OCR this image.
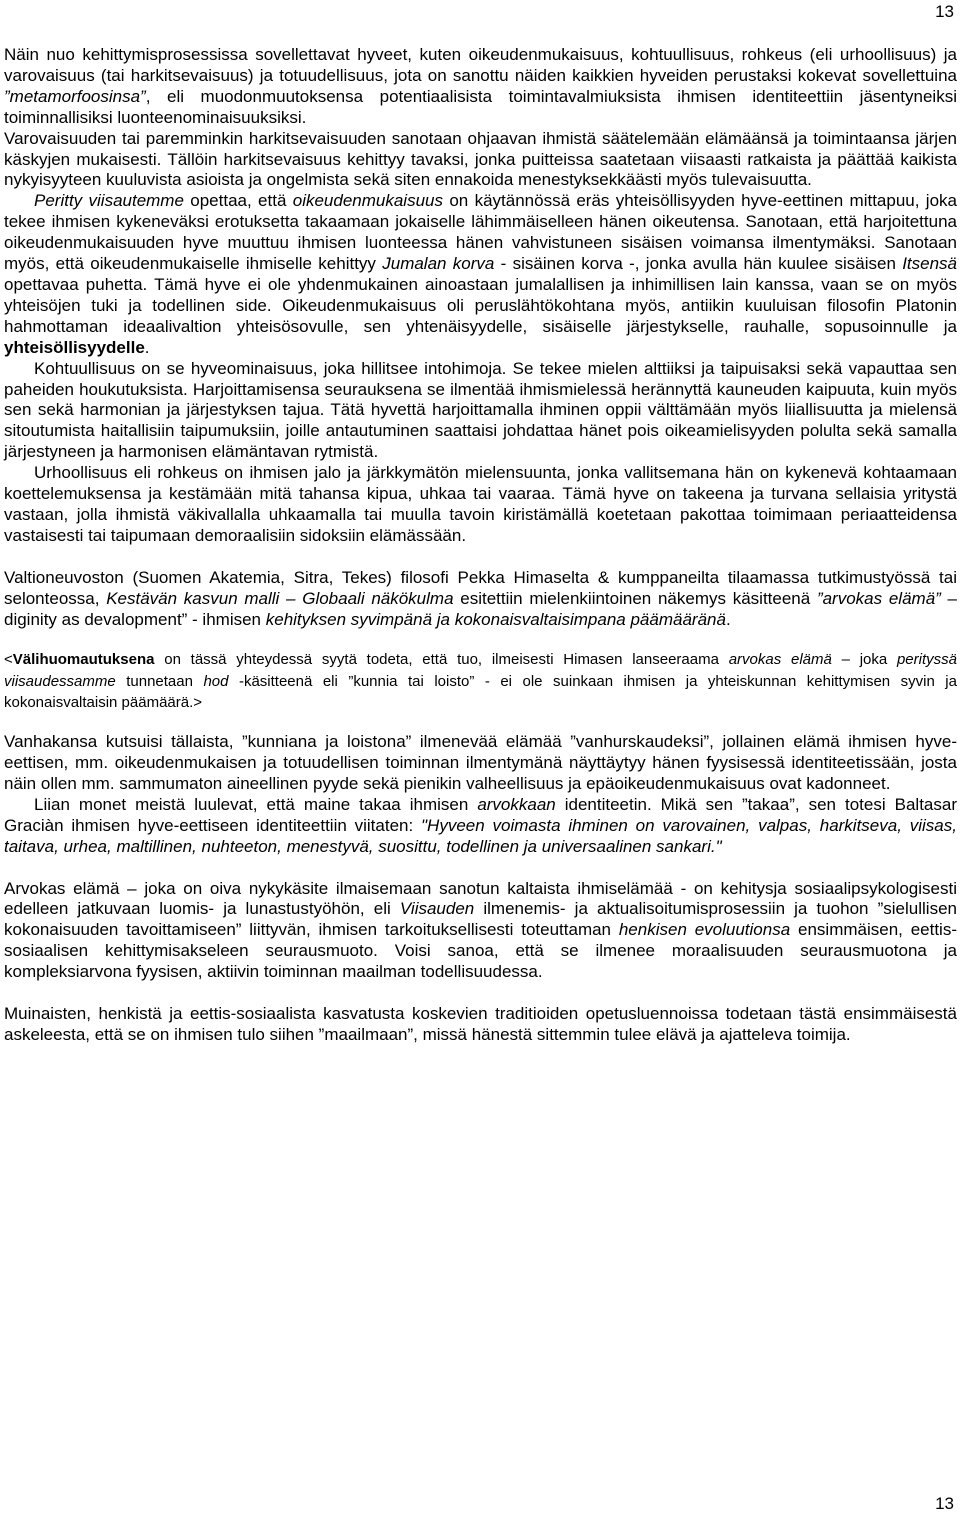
13

Näin nuo kehittymisprosessissa sovellettavat hyveet, kuten oikeudenmukaisuus, kohtuullisuus, rohkeus (eli urhoollisuus) ja varovaisuus (tai harkitsevaisuus) ja totuudellisuus, jota on sanottu näiden kaikkien hyveiden perustaksi kokevat sovellettuina ”metamorfoosinsa”, eli muodonmuutoksensa potentiaalisista toimintavalmiuksista ihmisen identiteettiin jäsentyneiksi toiminnallisiksi luonteenominaisuuksiksi.

Varovaisuuden tai paremminkin harkitsevaisuuden sanotaan ohjaavan ihmistä säätelemään elämäänsä ja toimintaansa järjen käskyjen mukaisesti. Tällöin harkitsevaisuus kehittyy tavaksi, jonka puitteissa saatetaan viisaasti ratkaista ja päättää kaikista nykyisyyteen kuuluvista asioista ja ongelmista sekä siten ennakoida menestyksekkäästi myös tulevaisuutta.

Peritty viisautemme opettaa, että oikeudenmukaisuus on käytännössä eräs yhteisöllisyyden hyve-eettinen mittapuu, joka tekee ihmisen kykeneväksi erotuksetta takaamaan jokaiselle lähimmäiselleen hänen oikeutensa. Sanotaan, että harjoitettuna oikeudenmukaisuuden hyve muuttuu ihmisen luonteessa hänen vahvistuneen sisäisen voimansa ilmentymäksi. Sanotaan myös, että oikeudenmukaiselle ihmiselle kehittyy Jumalan korva - sisäinen korva -, jonka avulla hän kuulee sisäisen Itsensä opettavaa puhetta. Tämä hyve ei ole yhdenmukainen ainoastaan jumalallisen ja inhimillisen lain kanssa, vaan se on myös yhteisöjen tuki ja todellinen side. Oikeudenmukaisuus oli peruslähtökohtana myös, antiikin kuuluisan filosofin Platonin hahmottaman ideaalivaltion yhteisösovulle, sen yhtenäisyydelle, sisäiselle järjestykselle, rauhalle, sopusoinnulle ja yhteisöllisyydelle.

Kohtuullisuus on se hyveominaisuus, joka hillitsee intohimoja. Se tekee mielen alttiiksi ja taipuisaksi sekä vapauttaa sen paheiden houkutuksista. Harjoittamisensa seurauksena se ilmentää ihmismielessä herännyttä kauneuden kaipuuta, kuin myös sen sekä harmonian ja järjestyksen tajua. Tätä hyvettä harjoittamalla ihminen oppii välttämään myös liiallisuutta ja mielensä sitoutumista haitallisiin taipumuksiin, joille antautuminen saattaisi johdattaa hänet pois oikeamielisyyden polulta sekä samalla järjestyneen ja harmonisen elämäntavan rytmistä.

Urhoollisuus eli rohkeus on ihmisen jalo ja järkkymätön mielensuunta, jonka vallitsemana hän on kykenevä kohtaamaan koettelemuksensa ja kestämään mitä tahansa kipua, uhkaa tai vaaraa. Tämä hyve on takeena ja turvana sellaisia yritystä vastaan, jolla ihmistä väkivallalla uhkaamalla tai muulla tavoin kiristämällä koetetaan pakottaa toimimaan periaatteidensa vastaisesti tai taipumaan demoraalisiin sidoksiin elämässään.

Valtioneuvoston (Suomen Akatemia, Sitra, Tekes) filosofi Pekka Himaselta & kumppaneilta tilaamassa tutkimustyössä tai selonteossa, Kestävän kasvun malli – Globaali näkökulma esitettiin mielenkiintoinen näkemys käsitteenä ”arvokas elämä” – diginity as devalopment” - ihmisen kehityksen syvimpänä ja kokonaisvaltaisimpana päämääränä.

<Välihuomautuksena on tässä yhteydessä syytä todeta, että tuo, ilmeisesti Himasen lanseeraama arvokas elämä – joka perityssä viisaudessamme tunnetaan hod -käsitteenä eli ”kunnia tai loisto” - ei ole suinkaan ihmisen ja yhteiskunnan kehittymisen syvin ja kokonaisvaltaisin päämäärä.>

Vanhakansa kutsuisi tällaista, ”kunniana ja loistona” ilmenevää elämää ”vanhurskaudeksi”, jollainen elämä ihmisen hyve-eettisen, mm. oikeudenmukaisen ja totuudellisen toiminnan ilmentymänä näyttäytyy hänen fyysisessä identiteetissään, josta näin ollen mm. sammumaton aineellinen pyyde sekä pienikin valheellisuus ja epäoikeudenmukaisuus ovat kadonneet.

Liian monet meistä luulevat, että maine takaa ihmisen arvokkaan identiteetin. Mikä sen ”takaa”, sen totesi Baltasar Graciàn ihmisen hyve-eettiseen identiteettiin viitaten: "Hyveen voimasta ihminen on varovainen, valpas, harkitseva, viisas, taitava, urhea, maltillinen, nuhteeton, menestyvä, suosittu, todellinen ja universaalinen sankari."

Arvokas elämä – joka on oiva nykykäsite ilmaisemaan sanotun kaltaista ihmiselämää - on kehitysja sosiaalipsykologisesti edelleen jatkuvaan luomis- ja lunastustyöhön, eli Viisauden ilmenemis- ja aktualisoitumisprosessiin ja tuohon ”sielullisen kokonaisuuden tavoittamiseen” liittyvän, ihmisen tarkoituksellisesti toteuttaman henkisen evoluutionsa ensimmäisen, eettis-sosiaalisen kehittymisakseleen seurausmuoto. Voisi sanoa, että se ilmenee moraalisuuden seurausmuotona ja kompleksiarvona fyysisen, aktiivin toiminnan maailman todellisuudessa.

Muinaisten, henkistä ja eettis-sosiaalista kasvatusta koskevien traditioiden opetusluennoissa todetaan tästä ensimmäisestä askeleesta, että se on ihmisen tulo siihen ”maailmaan”, missä hänestä sittemmin tulee elävä ja ajatteleva toimija.

13
